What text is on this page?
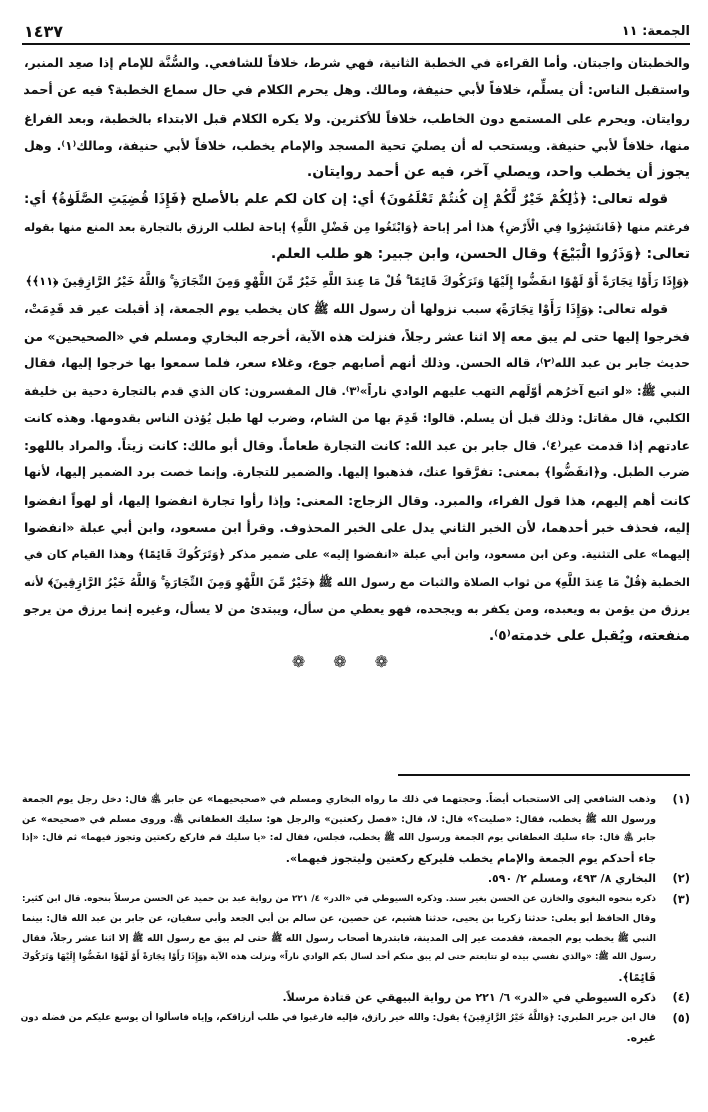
١٤٣٧	الجمعة: ١١
والخطبتان واجبتان. وأما القراءة في الخطبة الثانية، فهي شرط، خلافاً للشافعي. والسُّنَّة للإمام إذا صعِد المنبر،
واستقبل الناس: أن يسلِّم، خلافاً لأبي حنيفة، ومالك. وهل يحرم الكلام في حال سماع الخطبة؟ فيه عن أحمد
روايتان. ويحرم على المستمع دون الخاطب، خلافاً للأكثرين. ولا يكره الكلام قبل الابتداء بالخطبة، وبعد الفراغ
منها، خلافاً لأبي حنيفة. ويستحب له أن يصليَ تحية المسجد والإمام يخطب، خلافاً لأبي حنيفة، ومالك⁽١⁾. وهل
يجوز أن يخطب واحد، ويصلي آخر، فيه عن أحمد روايتان.
قوله تعالى: ﴿ذَٰلِكُمْ خَيْرٌ لَّكُمْ إِن كُنتُمْ تَعْلَمُونَ﴾ أي: إن كان لكم علم بالأصلح ﴿فَإِذَا قُضِيَتِ الصَّلَوٰةُ﴾ أي:
فرغتم منها ﴿فَانتَشِرُوا فِي الْأَرْضِ﴾ هذا أمر إباحة ﴿وَابْتَغُوا مِن فَضْلِ اللَّهِ﴾ إباحة لطلب الرزق بالتجارة بعد المنع منها بقوله
تعالى: ﴿وَذَرُوا الْبَيْعَ﴾ وقال الحسن، وابن جبير: هو طلب العلم.
﴿وَإِذَا رَأَوْا تِجَارَةً أَوْ لَهْوًا انفَضُّوا إِلَيْهَا وَتَرَكُوكَ قَائِمًا ۚ قُلْ مَا عِندَ اللَّهِ خَيْرٌ مِّنَ اللَّهْوِ وَمِنَ التِّجَارَةِ ۚ وَاللَّهُ خَيْرُ الرَّازِقِينَ ﴿١١﴾﴾
قوله تعالى: ﴿وَإِذَا رَأَوْا تِجَارَةً﴾ سبب نزولها أن رسول الله ﷺ كان يخطب يوم الجمعة، إذ أقبلت عير قد قَدِمَتْ،
فخرجوا إليها حتى لم يبق معه إلا اثنا عشر رجلاً، فنزلت هذه الآية، أخرجه البخاري ومسلم في «الصحيحين» من
حديث جابر بن عبد الله⁽٢⁾، قاله الحسن. وذلك أنهم أصابهم جوع، وغلاء سعر، فلما سمعوا بها خرجوا إليها، فقال
النبي ﷺ: «لو اتبع آخرُهم أوّلَهم التهب عليهم الوادي ناراً»⁽٣⁾. قال المفسرون: كان الذي قدم بالتجارة دحية بن خليفة
الكلبي، قال مقاتل: وذلك قبل أن يسلم. قالوا: قَدِمَ بها من الشام، وضرب لها طبل يُؤذن الناس بقدومها. وهذه كانت
عادتهم إذا قدمت عير⁽٤⁾. قال جابر بن عبد الله: كانت التجارة طعاماً. وقال أبو مالك: كانت زيتاً. والمراد باللهو:
ضرب الطبل. و﴿انفَضُّوا﴾ بمعنى: تفرَّقوا عنك، فذهبوا إليها. والضمير للتجارة. وإنما خصت برد الضمير إليها، لأنها
كانت أهم إليهم، هذا قول الفراء، والمبرد. وقال الزجاج: المعنى: وإذا رأوا تجارة انفضوا إليها، أو لهواً انفضوا
إليه، فحذف خبر أحدهما، لأن الخبر الثاني يدل على الخبر المحذوف. وقرأ ابن مسعود، وابن أبي عبلة «انفضوا
إليهما» على التثنية. وعن ابن مسعود، وابن أبي عبلة «انفضوا إليه» على ضمير مذكر ﴿وَتَرَكُوكَ قَائِمًا﴾ وهذا القيام كان في
الخطبة ﴿قُلْ مَا عِندَ اللَّهِ﴾ من ثواب الصلاة والثبات مع رسول الله ﷺ ﴿خَيْرٌ مِّنَ اللَّهْوِ وَمِنَ التِّجَارَةِ ۚ وَاللَّهُ خَيْرُ الرَّازِقِينَ﴾ لأنه
يرزق من يؤمن به ويعبده، ومن يكفر به ويجحده، فهو يعطي من سأل، ويبتدئ من لا يسأل، وغيره إنما يرزق من يرجو
منفعته، ويُقبل على خدمته⁽٥⁾.
❁❁❁
(١)
وذهب الشافعي إلى الاستحباب أيضاً. وحجتهما في ذلك ما رواه البخاري ومسلم في «صحيحيهما» عن جابر ﵁ قال: دخل رجل يوم الجمعة
ورسول الله ﷺ يخطب، فقال: «صليت؟» قال: لا، قال: «فصل ركعتين» والرجل هو: سليك الغطفاني ﵁. وروى مسلم في «صحيحه» عن
جابر ﵁ قال: جاء سليك الغطفاني يوم الجمعة ورسول الله ﷺ يخطب، فجلس، فقال له: «يا سليك قم فاركع ركعتين وتجوز فيهما» ثم قال: «إذا
جاء أحدكم يوم الجمعة والإمام يخطب فليركع ركعتين وليتجوز فيهما».
(٢)
البخاري ٨/ ٤٩٣، ومسلم ٢/ ٥٩٠.
(٣)
ذكره بنحوه البغوي والخازن عن الحسن بغير سند. وذكره السيوطي في «الدر» ٤/ ٢٢١ من رواية عبد بن حميد عن الحسن مرسلاً بنحوه. قال ابن كثير:
وقال الحافظ أبو يعلى: حدثنا زكريا بن يحيى، حدثنا هشيم، عن حصين، عن سالم بن أبي الجعد وأبي سفيان، عن جابر بن عبد الله قال: بينما
النبي ﷺ يخطب يوم الجمعة، فقدمت عير إلى المدينة، فابتدرها أصحاب رسول الله ﷺ حتى لم يبق مع رسول الله ﷺ إلا اثنا عشر رجلاً، فقال
رسول الله ﷺ: «والذي نفسي بيده لو تتابعتم حتى لم يبق منكم أحد لسال بكم الوادي ناراً» ونزلت هذه الآية ﴿وَإِذَا رَأَوْا تِجَارَةً أَوْ لَهْوًا انفَضُّوا إِلَيْهَا وَتَرَكُوكَ
قَائِمًا﴾.
(٤)
ذكره السيوطي في «الدر» ٦/ ٢٢١ من رواية البيهقي عن قتادة مرسلاً.
(٥)
قال ابن جرير الطبري: ﴿وَاللَّهُ خَيْرُ الرَّازِقِينَ﴾ يقول: والله خير رازق، فإليه فارغبوا في طلب أرزاقكم، وإياه فاسألوا أن يوسع عليكم من فضله دون
غيره.
